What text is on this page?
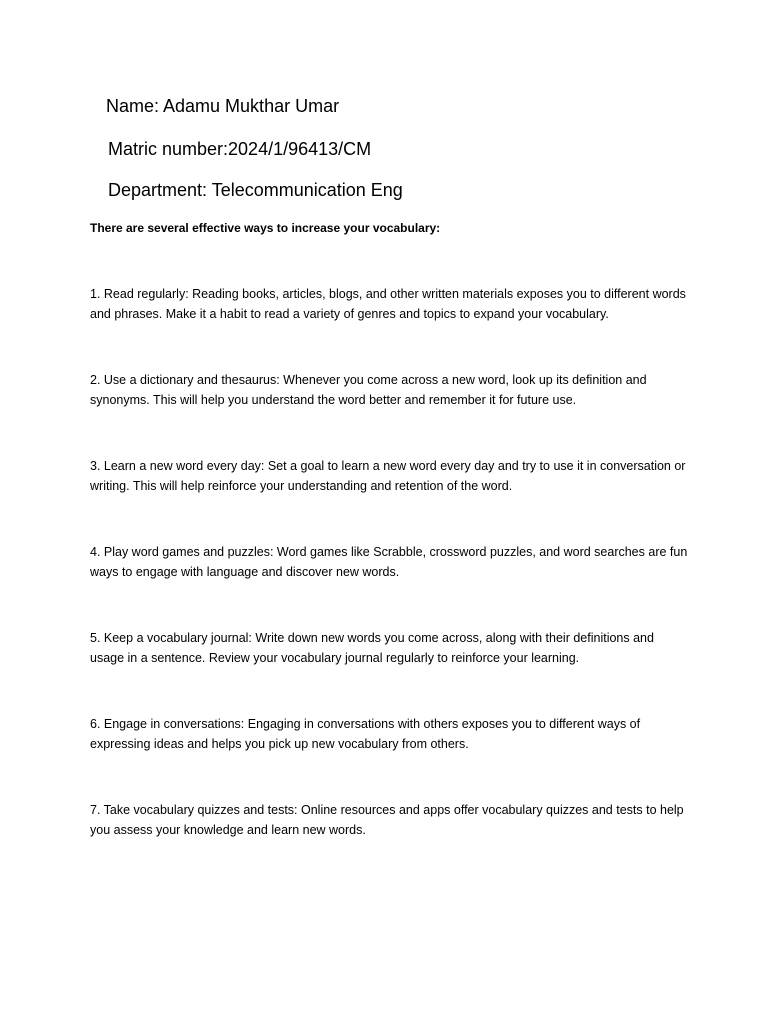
Name: Adamu Mukthar Umar
Matric number:2024/1/96413/CM
Department: Telecommunication Eng

There are several effective ways to increase your vocabulary:

1. Read regularly: Reading books, articles, blogs, and other written materials exposes you to different words and phrases. Make it a habit to read a variety of genres and topics to expand your vocabulary.
2. Use a dictionary and thesaurus: Whenever you come across a new word, look up its definition and synonyms. This will help you understand the word better and remember it for future use.
3. Learn a new word every day: Set a goal to learn a new word every day and try to use it in conversation or writing. This will help reinforce your understanding and retention of the word.
4. Play word games and puzzles: Word games like Scrabble, crossword puzzles, and word searches are fun ways to engage with language and discover new words.
5. Keep a vocabulary journal: Write down new words you come across, along with their definitions and usage in a sentence. Review your vocabulary journal regularly to reinforce your learning.
6. Engage in conversations: Engaging in conversations with others exposes you to different ways of expressing ideas and helps you pick up new vocabulary from others.
7. Take vocabulary quizzes and tests: Online resources and apps offer vocabulary quizzes and tests to help you assess your knowledge and learn new words.
